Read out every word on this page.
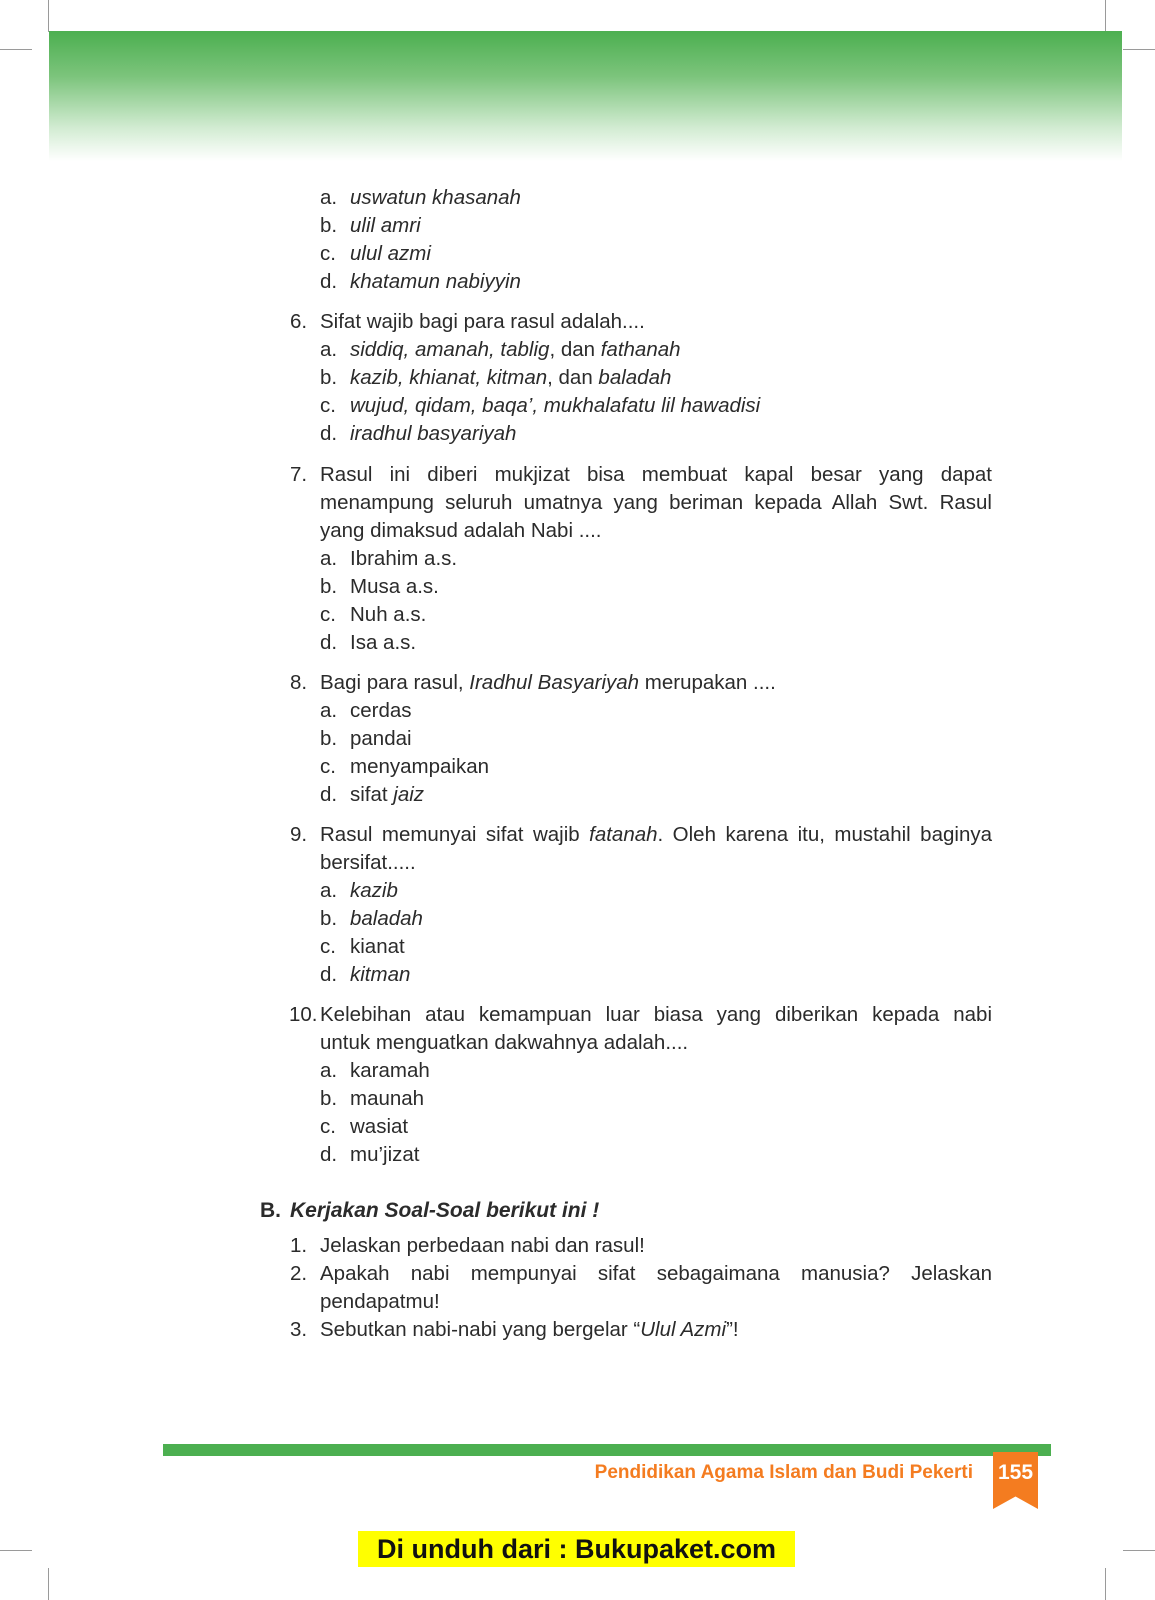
a. uswatun khasanah
b. ulil amri
c. ulul azmi
d. khatamun nabiyyin
6. Sifat wajib bagi para rasul adalah....
a. siddiq, amanah, tablig, dan fathanah
b. kazib, khianat, kitman, dan baladah
c. wujud, qidam, baqa’, mukhalafatu lil hawadisi
d. iradhul basyariyah
7. Rasul ini diberi mukjizat bisa membuat kapal besar yang dapat
menampung seluruh umatnya yang beriman kepada Allah Swt. Rasul
yang dimaksud adalah Nabi ....
a. Ibrahim a.s.
b. Musa a.s.
c. Nuh a.s.
d. Isa a.s.
8. Bagi para rasul, Iradhul Basyariyah merupakan ....
a. cerdas
b. pandai
c. menyampaikan
d. sifat jaiz
9. Rasul memunyai sifat wajib fatanah. Oleh karena itu, mustahil baginya
bersifat.....
a. kazib
b. baladah
c. kianat
d. kitman
10. Kelebihan atau kemampuan luar biasa yang diberikan kepada nabi
untuk menguatkan dakwahnya adalah....
a. karamah
b. maunah
c. wasiat
d. mu’jizat
B. Kerjakan Soal-Soal berikut ini !
1. Jelaskan perbedaan nabi dan rasul!
2. Apakah nabi mempunyai sifat sebagaimana manusia? Jelaskan
pendapatmu!
3. Sebutkan nabi-nabi yang bergelar “Ulul Azmi”!
Pendidikan Agama Islam dan Budi Pekerti 155
Di unduh dari : Bukupaket.com
